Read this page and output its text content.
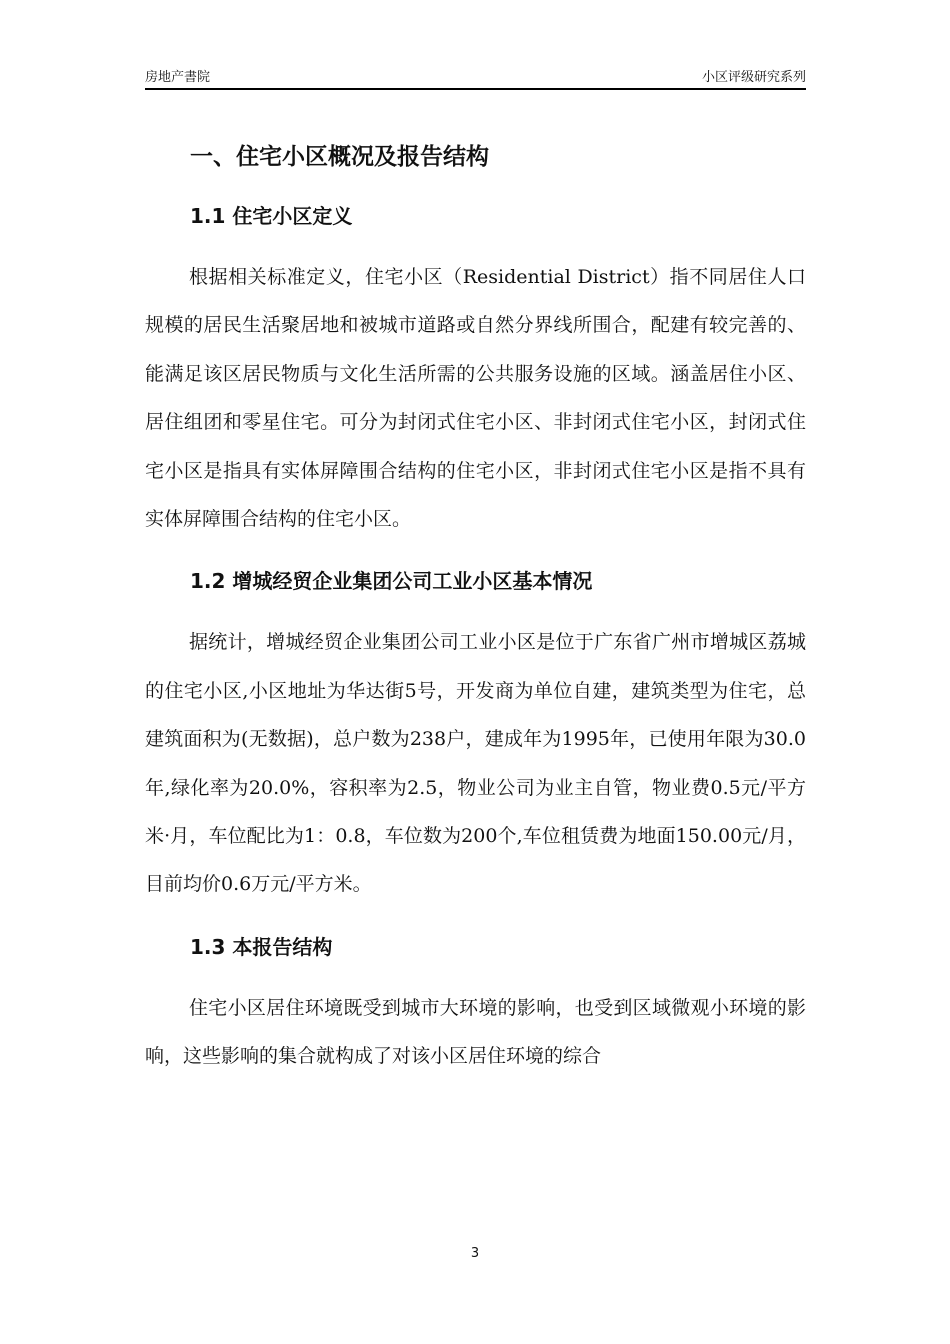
房地产書院	小区评级研究系列
一、住宅小区概况及报告结构
1.1 住宅小区定义

根据相关标准定义，住宅小区（Residential District）指不同居住人口规模的居民生活聚居地和被城市道路或自然分界线所围合，配建有较完善的、能满足该区居民物质与文化生活所需的公共服务设施的区域。涵盖居住小区、居住组团和零星住宅。可分为封闭式住宅小区、非封闭式住宅小区，封闭式住宅小区是指具有实体屏障围合结构的住宅小区，非封闭式住宅小区是指不具有实体屏障围合结构的住宅小区。

1.2 增城经贸企业集团公司工业小区基本情况

据统计，增城经贸企业集团公司工业小区是位于广东省广州市增城区荔城的住宅小区,小区地址为华达街5号，开发商为单位自建，建筑类型为住宅，总建筑面积为(无数据)，总户数为238户，建成年为1995年，已使用年限为30.0年,绿化率为20.0%，容积率为2.5，物业公司为业主自管，物业费0.5元/平方米·月，车位配比为1：0.8，车位数为200个,车位租赁费为地面150.00元/月，目前均价0.6万元/平方米。

1.3 本报告结构

住宅小区居住环境既受到城市大环境的影响，也受到区域微观小环境的影响，这些影响的集合就构成了对该小区居住环境的综合

3
